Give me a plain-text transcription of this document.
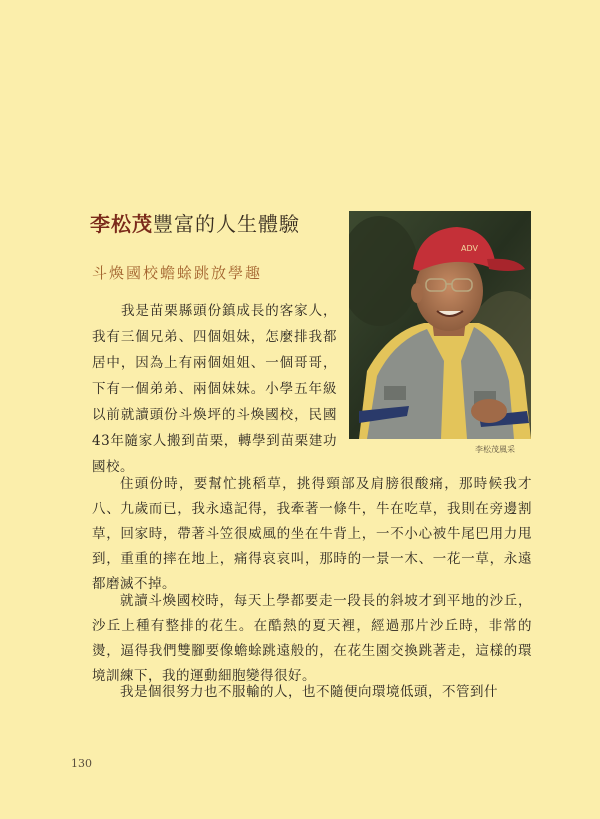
李松茂豐富的人生體驗
斗煥國校蟾蜍跳放學趣
我是苗栗縣頭份鎮成長的客家人，我有三個兄弟、四個姐妹，怎麼排我都居中，因為上有兩個姐姐、一個哥哥，下有一個弟弟、兩個妹妹。小學五年級以前就讀頭份斗煥坪的斗煥國校，民國43年隨家人搬到苗栗，轉學到苗栗建功國校。
ADV
李松茂風采
住頭份時，要幫忙挑稻草，挑得頸部及肩膀很酸痛，那時候我才八、九歲而已，我永遠記得，我牽著一條牛，牛在吃草，我則在旁邊割草，回家時，帶著斗笠很威風的坐在牛背上，一不小心被牛尾巴用力甩到，重重的摔在地上，痛得哀哀叫，那時的一景一木、一花一草，永遠都磨滅不掉。
就讀斗煥國校時，每天上學都要走一段長的斜坡才到平地的沙丘，沙丘上種有整排的花生。在酷熱的夏天裡，經過那片沙丘時，非常的燙，逼得我們雙腳要像蟾蜍跳遠般的，在花生園交換跳著走，這樣的環境訓練下，我的運動細胞變得很好。
我是個很努力也不服輸的人，也不隨便向環境低頭，不管到什
130
